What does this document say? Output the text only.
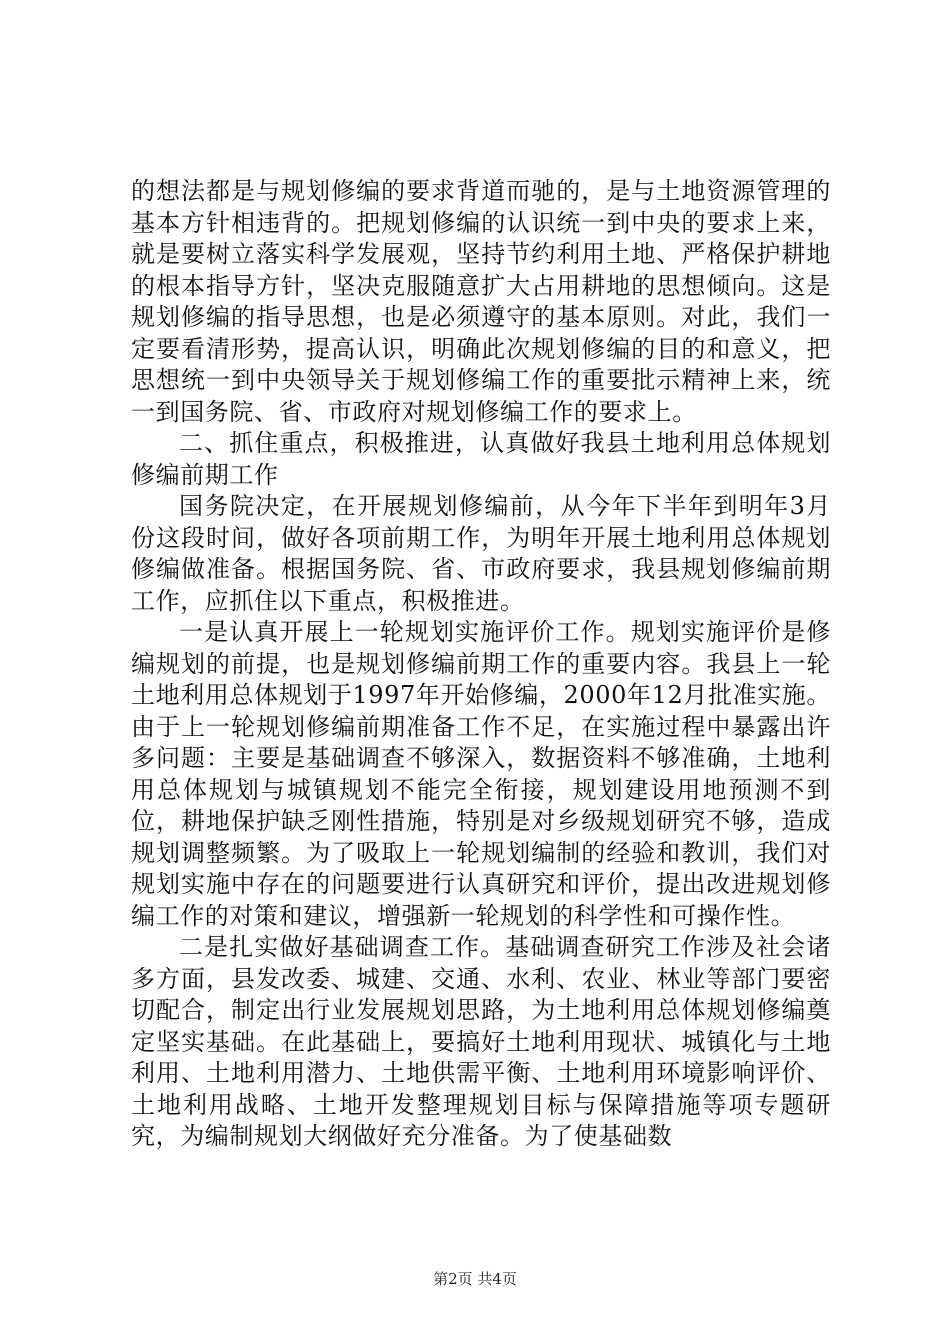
的想法都是与规划修编的要求背道而驰的，是与土地资源管理的基本方针相违背的。把规划修编的认识统一到中央的要求上来，就是要树立落实科学发展观，坚持节约利用土地、严格保护耕地的根本指导方针，坚决克服随意扩大占用耕地的思想倾向。这是规划修编的指导思想，也是必须遵守的基本原则。对此，我们一定要看清形势，提高认识，明确此次规划修编的目的和意义，把思想统一到中央领导关于规划修编工作的重要批示精神上来，统一到国务院、省、市政府对规划修编工作的要求上。

二、抓住重点，积极推进，认真做好我县土地利用总体规划修编前期工作

国务院决定，在开展规划修编前，从今年下半年到明年3月份这段时间，做好各项前期工作，为明年开展土地利用总体规划修编做准备。根据国务院、省、市政府要求，我县规划修编前期工作，应抓住以下重点，积极推进。

一是认真开展上一轮规划实施评价工作。规划实施评价是修编规划的前提，也是规划修编前期工作的重要内容。我县上一轮土地利用总体规划于1997年开始修编，2000年12月批准实施。由于上一轮规划修编前期准备工作不足，在实施过程中暴露出许多问题：主要是基础调查不够深入，数据资料不够准确，土地利用总体规划与城镇规划不能完全衔接，规划建设用地预测不到位，耕地保护缺乏刚性措施，特别是对乡级规划研究不够，造成规划调整频繁。为了吸取上一轮规划编制的经验和教训，我们对规划实施中存在的问题要进行认真研究和评价，提出改进规划修编工作的对策和建议，增强新一轮规划的科学性和可操作性。

二是扎实做好基础调查工作。基础调查研究工作涉及社会诸多方面，县发改委、城建、交通、水利、农业、林业等部门要密切配合，制定出行业发展规划思路，为土地利用总体规划修编奠定坚实基础。在此基础上，要搞好土地利用现状、城镇化与土地利用、土地利用潜力、土地供需平衡、土地利用环境影响评价、土地利用战略、土地开发整理规划目标与保障措施等项专题研究，为编制规划大纲做好充分准备。为了使基础数

第2页 共4页
